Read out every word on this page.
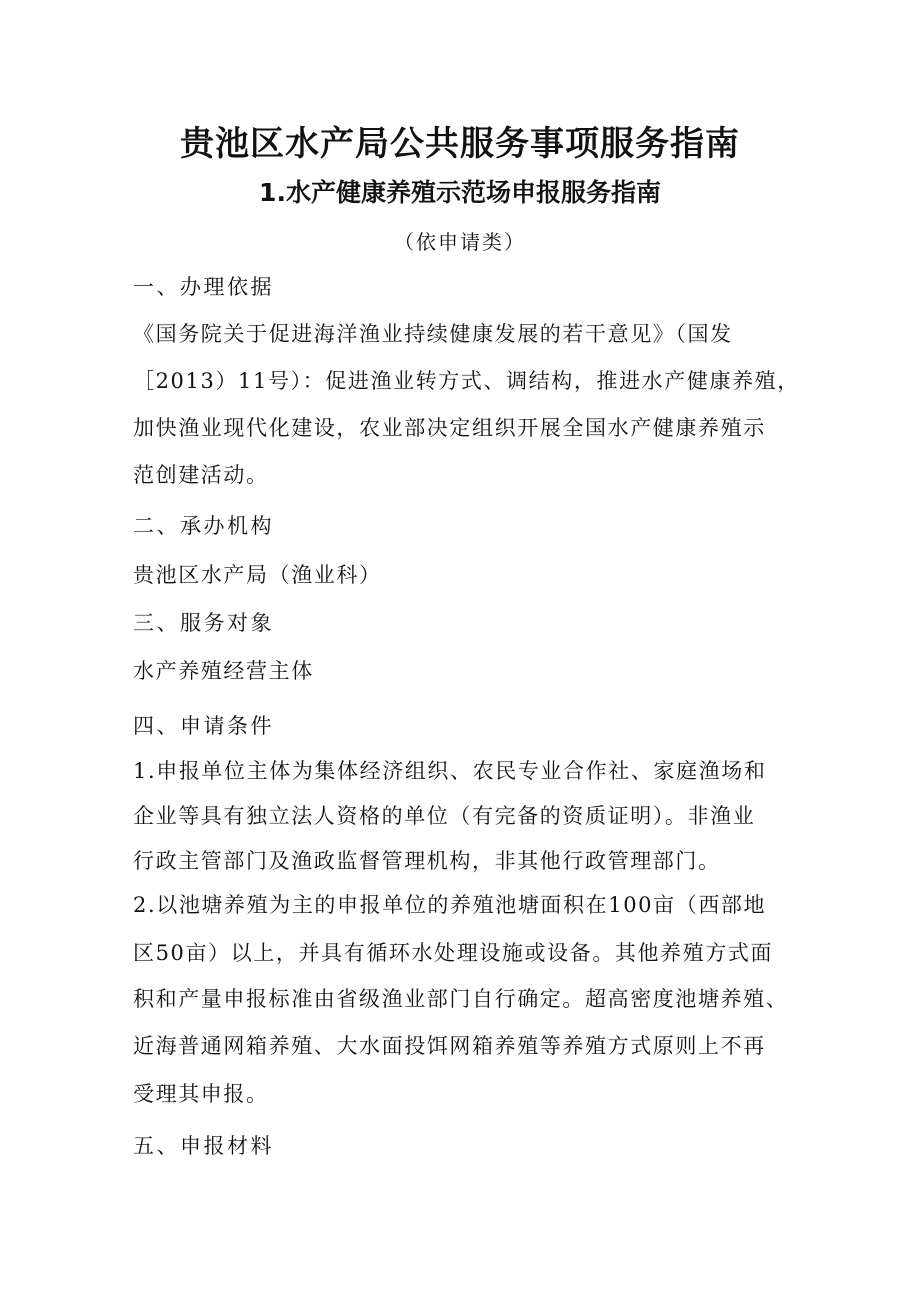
贵池区水产局公共服务事项服务指南
1.水产健康养殖示范场申报服务指南
（依申请类）
一、办理依据
《国务院关于促进海洋渔业持续健康发展的若干意见》（国发
［2013）11号）：促进渔业转方式、调结构，推进水产健康养殖，
加快渔业现代化建设，农业部决定组织开展全国水产健康养殖示
范创建活动。
二、承办机构
贵池区水产局（渔业科）
三、服务对象
水产养殖经营主体
四、申请条件
1.申报单位主体为集体经济组织、农民专业合作社、家庭渔场和
企业等具有独立法人资格的单位（有完备的资质证明）。非渔业
行政主管部门及渔政监督管理机构，非其他行政管理部门。
2.以池塘养殖为主的申报单位的养殖池塘面积在100亩（西部地
区50亩）以上，并具有循环水处理设施或设备。其他养殖方式面
积和产量申报标准由省级渔业部门自行确定。超高密度池塘养殖、
近海普通网箱养殖、大水面投饵网箱养殖等养殖方式原则上不再
受理其申报。
五、申报材料
